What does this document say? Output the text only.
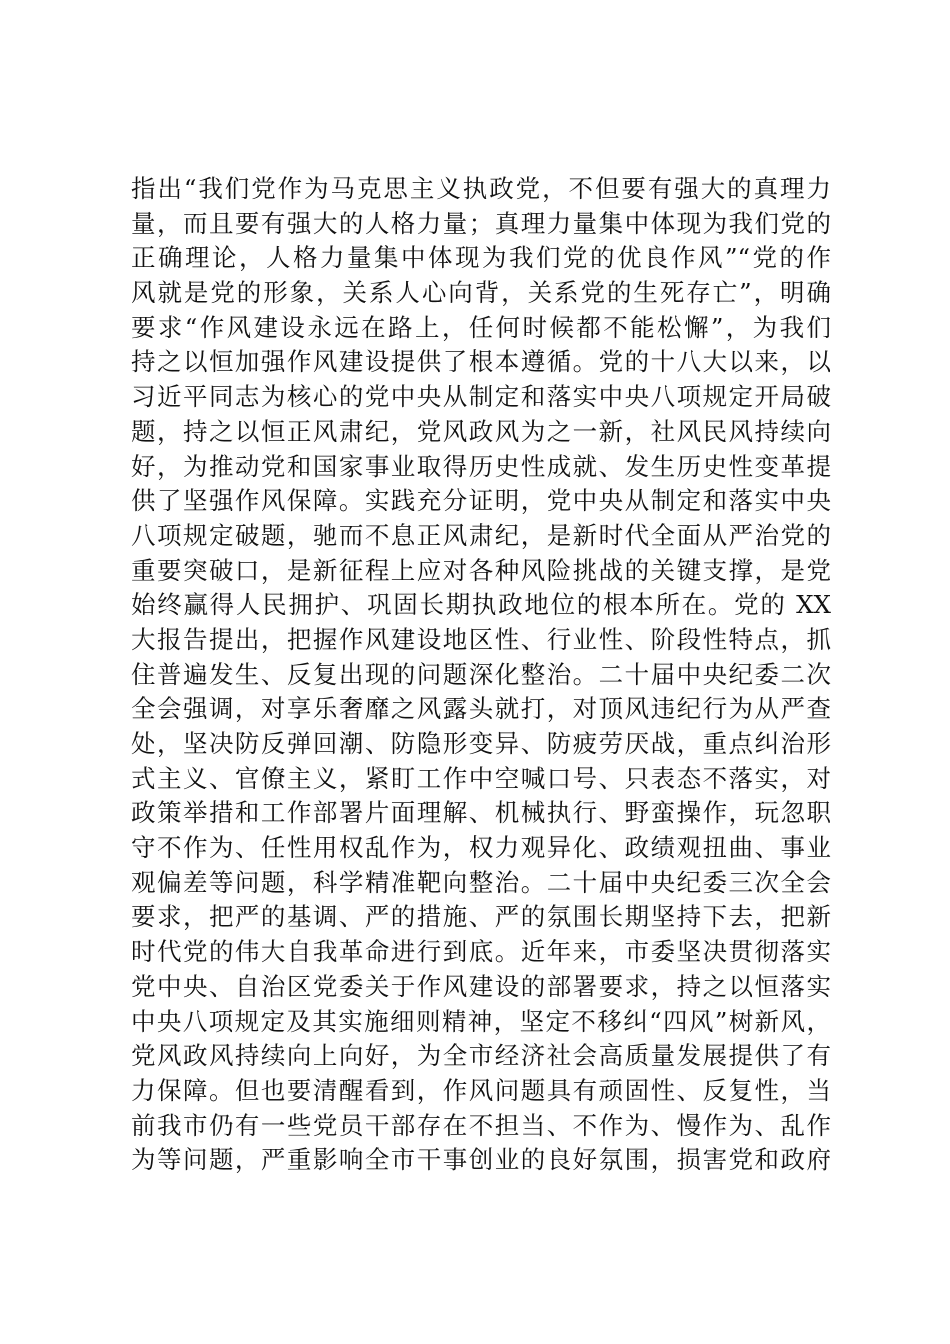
指出“我们党作为马克思主义执政党，不但要有强大的真理力
量，而且要有强大的人格力量；真理力量集中体现为我们党的
正确理论，人格力量集中体现为我们党的优良作风”“党的作
风就是党的形象，关系人心向背，关系党的生死存亡”，明确
要求“作风建设永远在路上，任何时候都不能松懈”，为我们
持之以恒加强作风建设提供了根本遵循。党的十八大以来，以
习近平同志为核心的党中央从制定和落实中央八项规定开局破
题，持之以恒正风肃纪，党风政风为之一新，社风民风持续向
好，为推动党和国家事业取得历史性成就、发生历史性变革提
供了坚强作风保障。实践充分证明，党中央从制定和落实中央
八项规定破题，驰而不息正风肃纪，是新时代全面从严治党的
重要突破口，是新征程上应对各种风险挑战的关键支撑，是党
始终赢得人民拥护、巩固长期执政地位的根本所在。党的 XX
大报告提出，把握作风建设地区性、行业性、阶段性特点，抓
住普遍发生、反复出现的问题深化整治。二十届中央纪委二次
全会强调，对享乐奢靡之风露头就打，对顶风违纪行为从严查
处，坚决防反弹回潮、防隐形变异、防疲劳厌战，重点纠治形
式主义、官僚主义，紧盯工作中空喊口号、只表态不落实，对
政策举措和工作部署片面理解、机械执行、野蛮操作，玩忽职
守不作为、任性用权乱作为，权力观异化、政绩观扭曲、事业
观偏差等问题，科学精准靶向整治。二十届中央纪委三次全会
要求，把严的基调、严的措施、严的氛围长期坚持下去，把新
时代党的伟大自我革命进行到底。近年来，市委坚决贯彻落实
党中央、自治区党委关于作风建设的部署要求，持之以恒落实
中央八项规定及其实施细则精神，坚定不移纠“四风”树新风，
党风政风持续向上向好，为全市经济社会高质量发展提供了有
力保障。但也要清醒看到，作风问题具有顽固性、反复性，当
前我市仍有一些党员干部存在不担当、不作为、慢作为、乱作
为等问题，严重影响全市干事创业的良好氛围，损害党和政府
